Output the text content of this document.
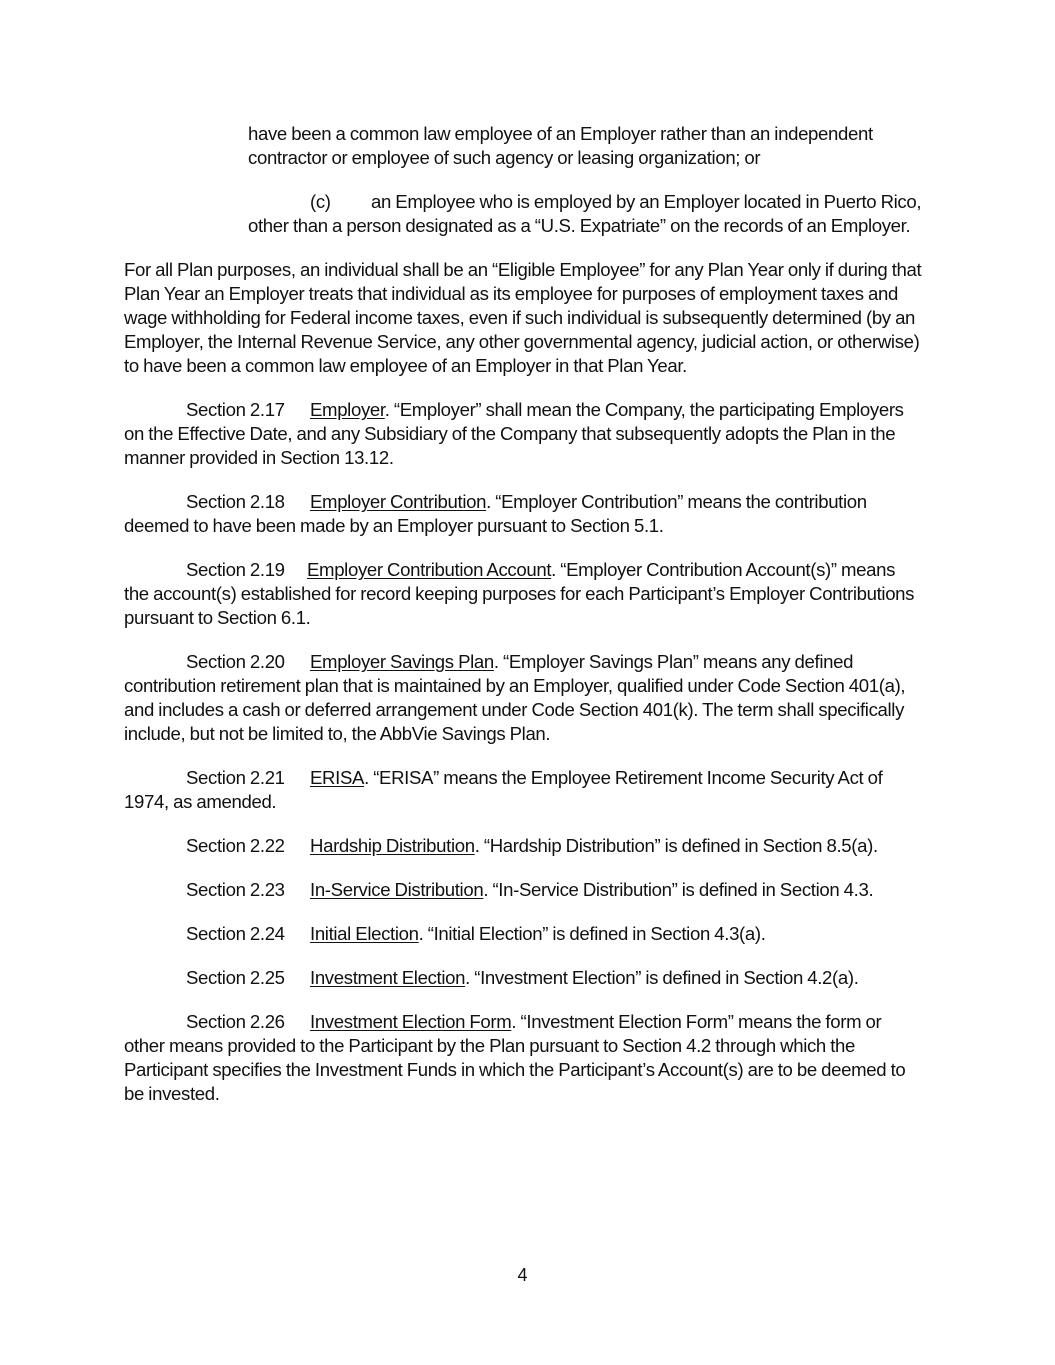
have been a common law employee of an Employer rather than an independent contractor or employee of such agency or leasing organization; or

(c) an Employee who is employed by an Employer located in Puerto Rico, other than a person designated as a “U.S. Expatriate” on the records of an Employer.

For all Plan purposes, an individual shall be an “Eligible Employee” for any Plan Year only if during that Plan Year an Employer treats that individual as its employee for purposes of employment taxes and wage withholding for Federal income taxes, even if such individual is subsequently determined (by an Employer, the Internal Revenue Service, any other governmental agency, judicial action, or otherwise) to have been a common law employee of an Employer in that Plan Year.

Section 2.17 Employer. “Employer” shall mean the Company, the participating Employers on the Effective Date, and any Subsidiary of the Company that subsequently adopts the Plan in the manner provided in Section 13.12.

Section 2.18 Employer Contribution. “Employer Contribution” means the contribution deemed to have been made by an Employer pursuant to Section 5.1.

Section 2.19 Employer Contribution Account. “Employer Contribution Account(s)” means the account(s) established for record keeping purposes for each Participant’s Employer Contributions pursuant to Section 6.1.

Section 2.20 Employer Savings Plan. “Employer Savings Plan” means any defined contribution retirement plan that is maintained by an Employer, qualified under Code Section 401(a), and includes a cash or deferred arrangement under Code Section 401(k). The term shall specifically include, but not be limited to, the AbbVie Savings Plan.

Section 2.21 ERISA. “ERISA” means the Employee Retirement Income Security Act of 1974, as amended.

Section 2.22 Hardship Distribution. “Hardship Distribution” is defined in Section 8.5(a).

Section 2.23 In-Service Distribution. “In-Service Distribution” is defined in Section 4.3.

Section 2.24 Initial Election. “Initial Election” is defined in Section 4.3(a).

Section 2.25 Investment Election. “Investment Election” is defined in Section 4.2(a).

Section 2.26 Investment Election Form. “Investment Election Form” means the form or other means provided to the Participant by the Plan pursuant to Section 4.2 through which the Participant specifies the Investment Funds in which the Participant’s Account(s) are to be deemed to be invested.

4
